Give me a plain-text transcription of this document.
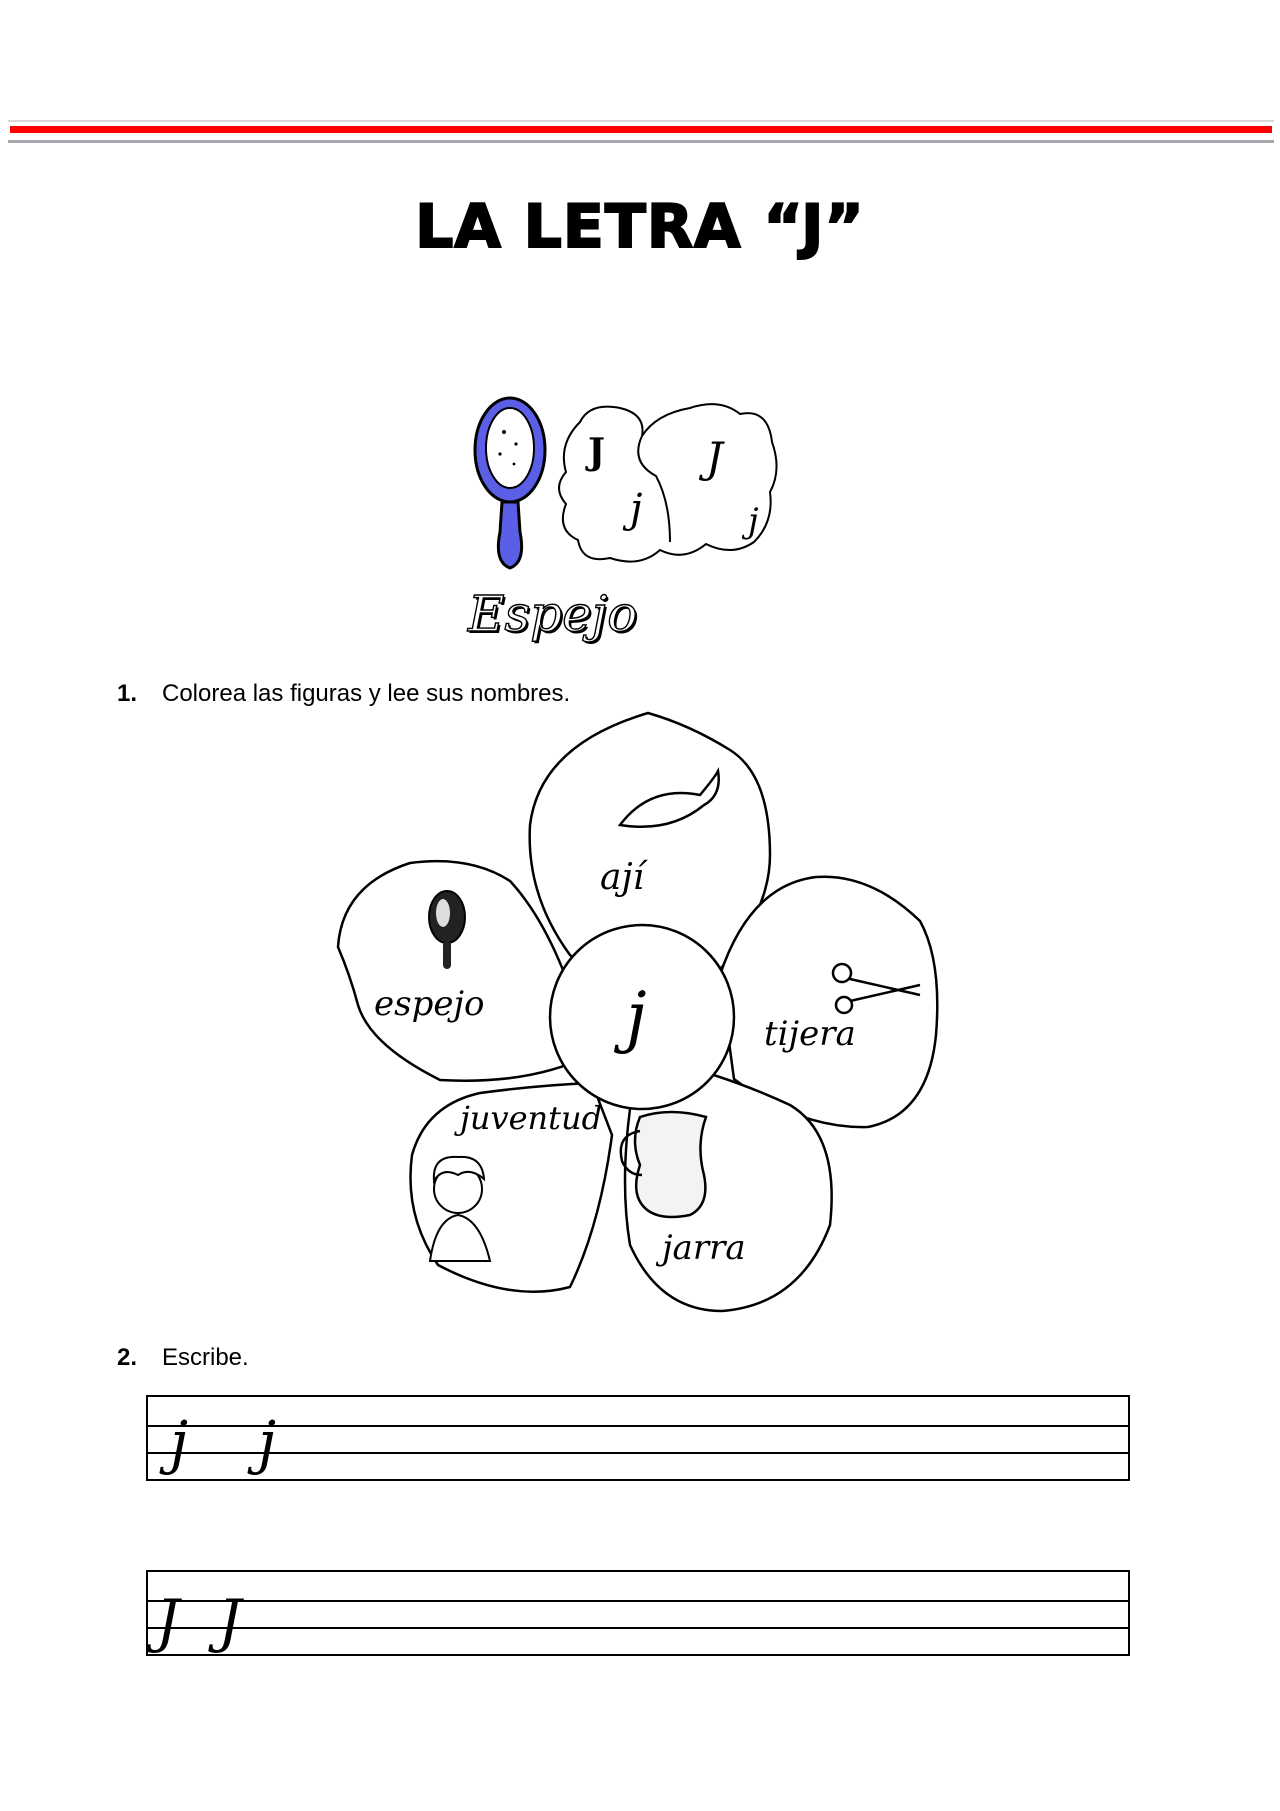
LA LETRA “J”
J
j
J
j
Espejo
1. Colorea las figuras y lee sus nombres.
ají
espejo
tijera
juventud
jarra
j
2. Escribe.
j j
J J
